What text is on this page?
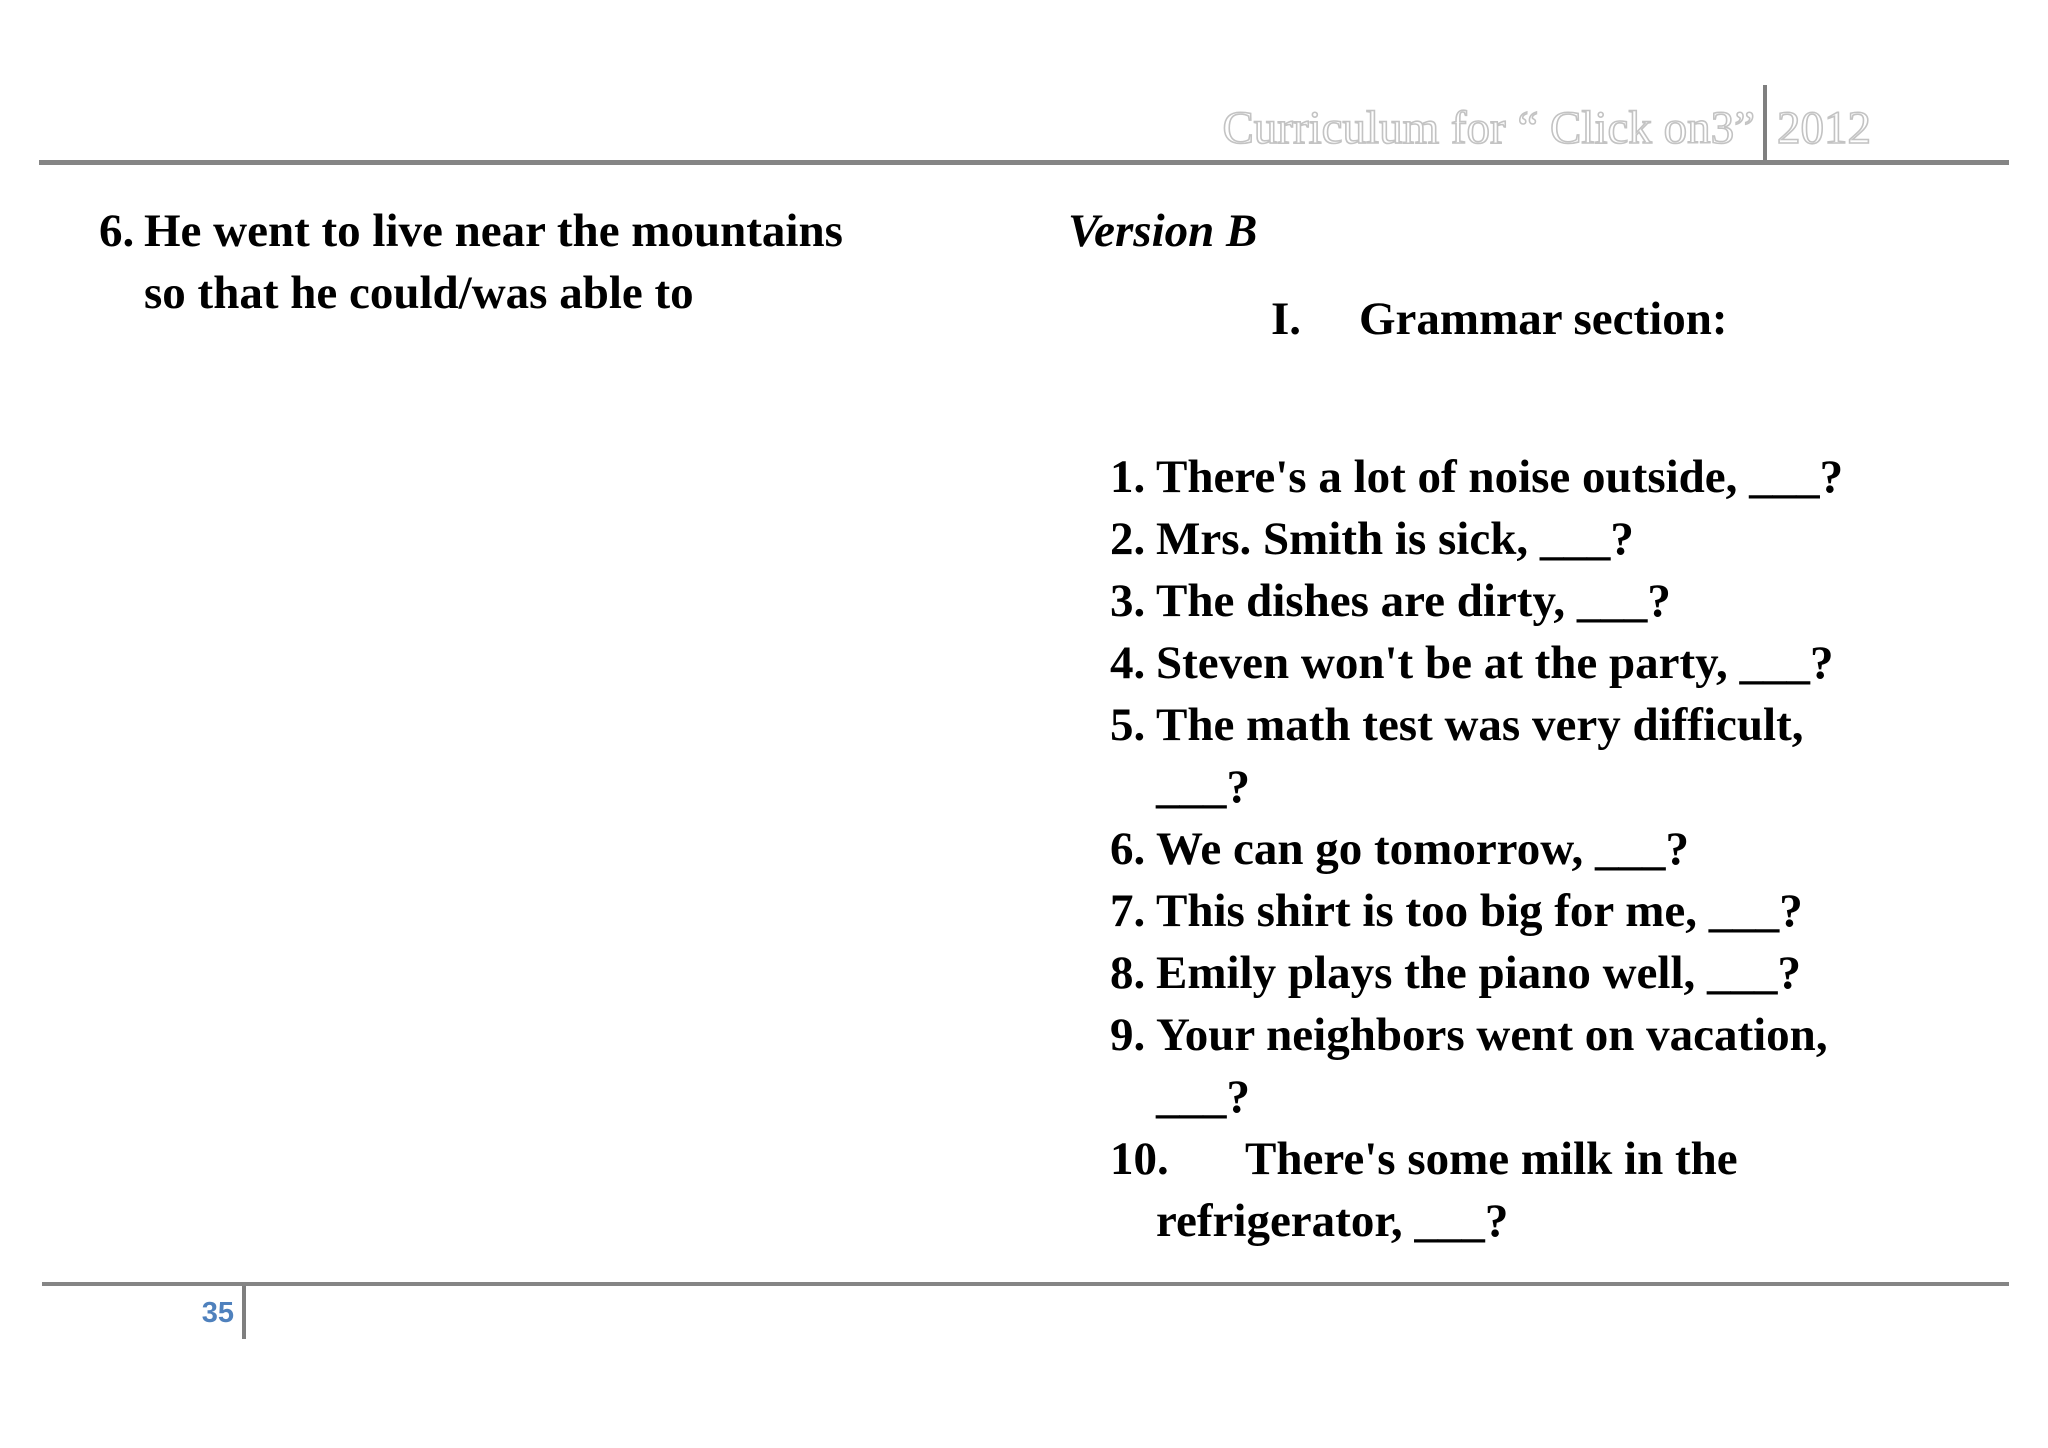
Curriculum for “ Click on3” 2012
6. He went to live near the mountains
so that he could/was able to
Version B
I. Grammar section:
1. There's a lot of noise outside, ___?
2. Mrs. Smith is sick, ___?
3. The dishes are dirty, ___?
4. Steven won't be at the party, ___?
5. The math test was very difficult,
___?
6. We can go tomorrow, ___?
7. This shirt is too big for me, ___?
8. Emily plays the piano well, ___?
9. Your neighbors went on vacation,
___?
10.	There's some milk in the
refrigerator, ___?
35
